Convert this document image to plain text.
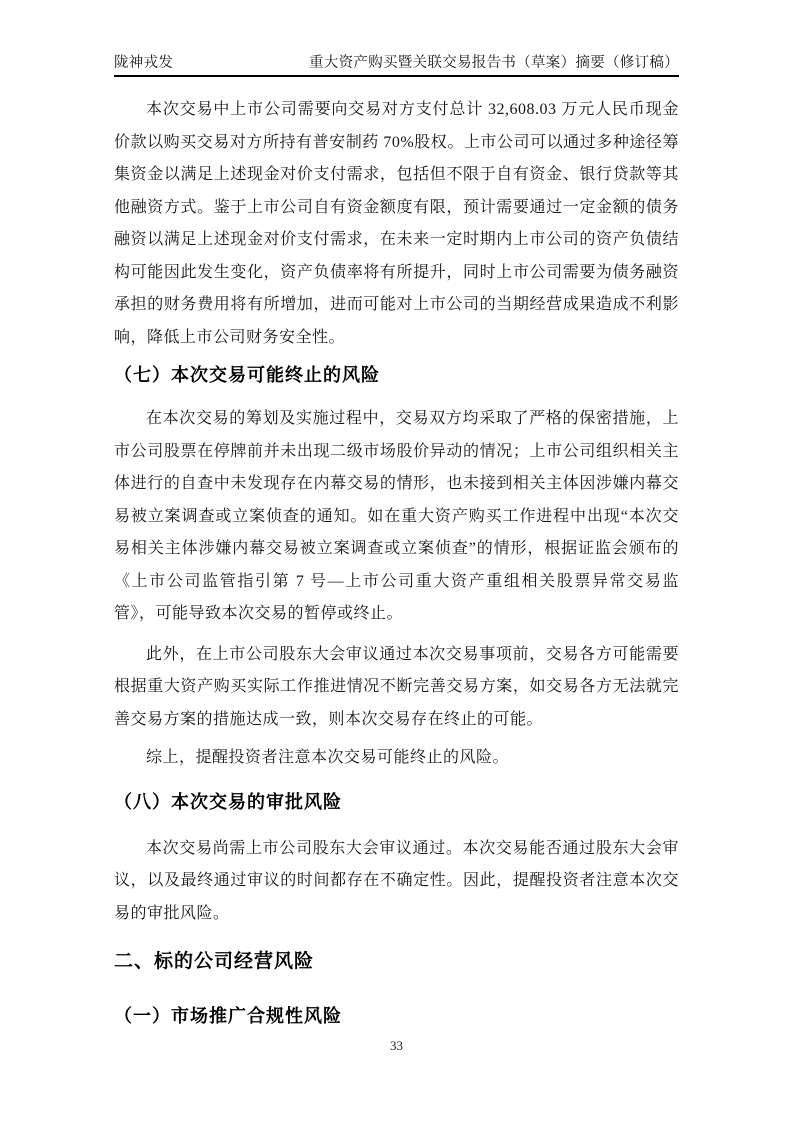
陇神戎发	重大资产购买暨关联交易报告书（草案）摘要（修订稿）

本次交易中上市公司需要向交易对方支付总计 32,608.03 万元人民币现金价款以购买交易对方所持有普安制药 70%股权。上市公司可以通过多种途径筹集资金以满足上述现金对价支付需求，包括但不限于自有资金、银行贷款等其他融资方式。鉴于上市公司自有资金额度有限，预计需要通过一定金额的债务融资以满足上述现金对价支付需求，在未来一定时期内上市公司的资产负债结构可能因此发生变化，资产负债率将有所提升，同时上市公司需要为债务融资承担的财务费用将有所增加，进而可能对上市公司的当期经营成果造成不利影响，降低上市公司财务安全性。

（七）本次交易可能终止的风险

在本次交易的筹划及实施过程中，交易双方均采取了严格的保密措施，上市公司股票在停牌前并未出现二级市场股价异动的情况；上市公司组织相关主体进行的自查中未发现存在内幕交易的情形，也未接到相关主体因涉嫌内幕交易被立案调查或立案侦查的通知。如在重大资产购买工作进程中出现“本次交易相关主体涉嫌内幕交易被立案调查或立案侦查”的情形，根据证监会颁布的《上市公司监管指引第 7 号—上市公司重大资产重组相关股票异常交易监管》，可能导致本次交易的暂停或终止。

此外，在上市公司股东大会审议通过本次交易事项前，交易各方可能需要根据重大资产购买实际工作推进情况不断完善交易方案，如交易各方无法就完善交易方案的措施达成一致，则本次交易存在终止的可能。

综上，提醒投资者注意本次交易可能终止的风险。

（八）本次交易的审批风险

本次交易尚需上市公司股东大会审议通过。本次交易能否通过股东大会审议，以及最终通过审议的时间都存在不确定性。因此，提醒投资者注意本次交易的审批风险。

二、标的公司经营风险
（一）市场推广合规性风险
33
